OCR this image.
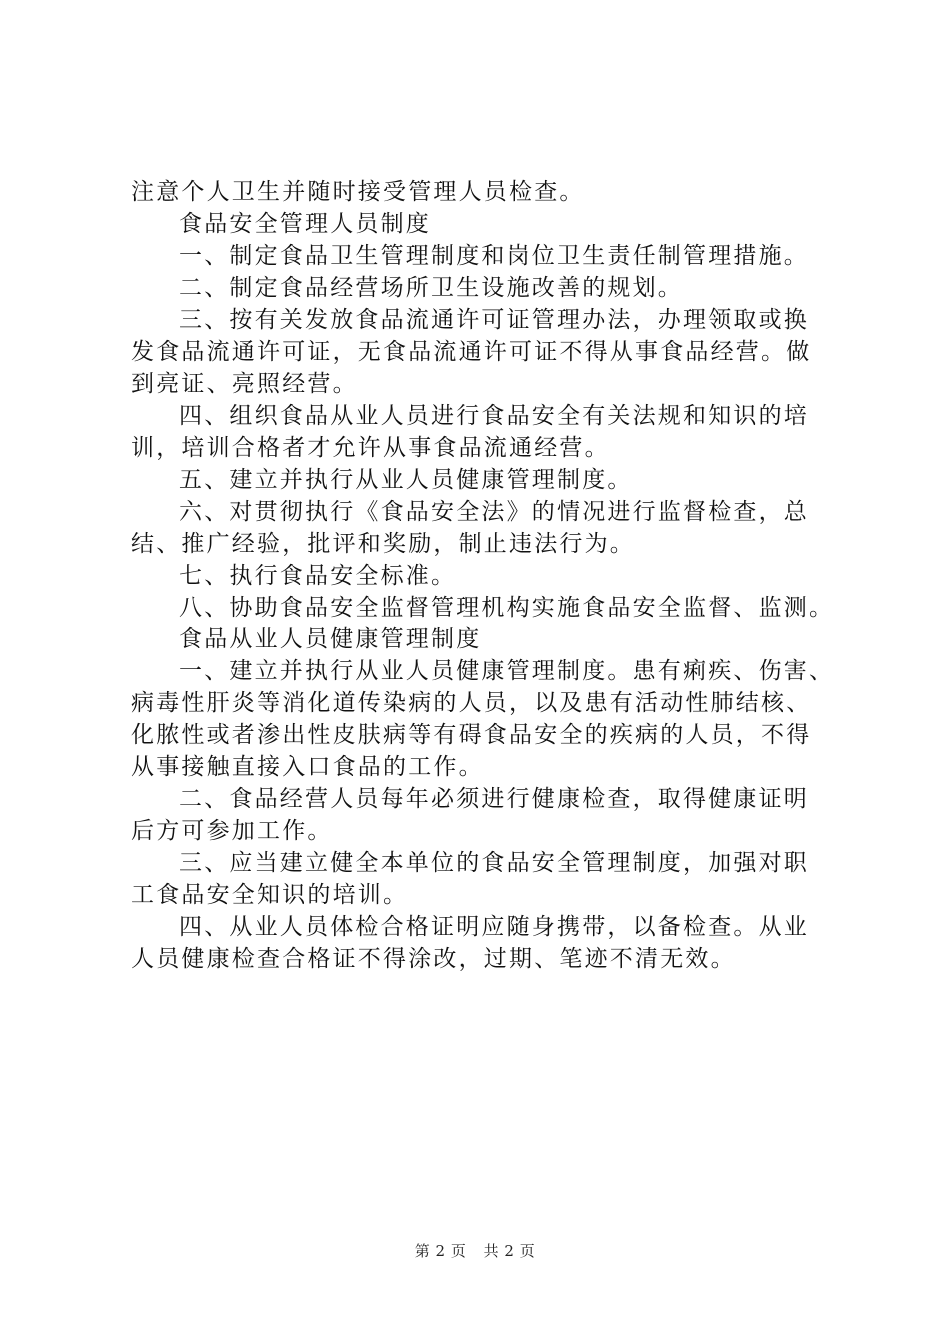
注意个人卫生并随时接受管理人员检查。

食品安全管理人员制度

一、制定食品卫生管理制度和岗位卫生责任制管理措施。

二、制定食品经营场所卫生设施改善的规划。

三、按有关发放食品流通许可证管理办法，办理领取或换

发食品流通许可证，无食品流通许可证不得从事食品经营。做

到亮证、亮照经营。

四、组织食品从业人员进行食品安全有关法规和知识的培

训，培训合格者才允许从事食品流通经营。

五、建立并执行从业人员健康管理制度。

六、对贯彻执行《食品安全法》的情况进行监督检查，总

结、推广经验，批评和奖励，制止违法行为。

七、执行食品安全标准。

八、协助食品安全监督管理机构实施食品安全监督、监测。

食品从业人员健康管理制度

一、建立并执行从业人员健康管理制度。患有痢疾、伤害、

病毒性肝炎等消化道传染病的人员，以及患有活动性肺结核、

化脓性或者渗出性皮肤病等有碍食品安全的疾病的人员，不得

从事接触直接入口食品的工作。

二、食品经营人员每年必须进行健康检查，取得健康证明

后方可参加工作。

三、应当建立健全本单位的食品安全管理制度，加强对职

工食品安全知识的培训。

四、从业人员体检合格证明应随身携带，以备检查。从业

人员健康检查合格证不得涂改，过期、笔迹不清无效。

第 2 页 共 2 页
